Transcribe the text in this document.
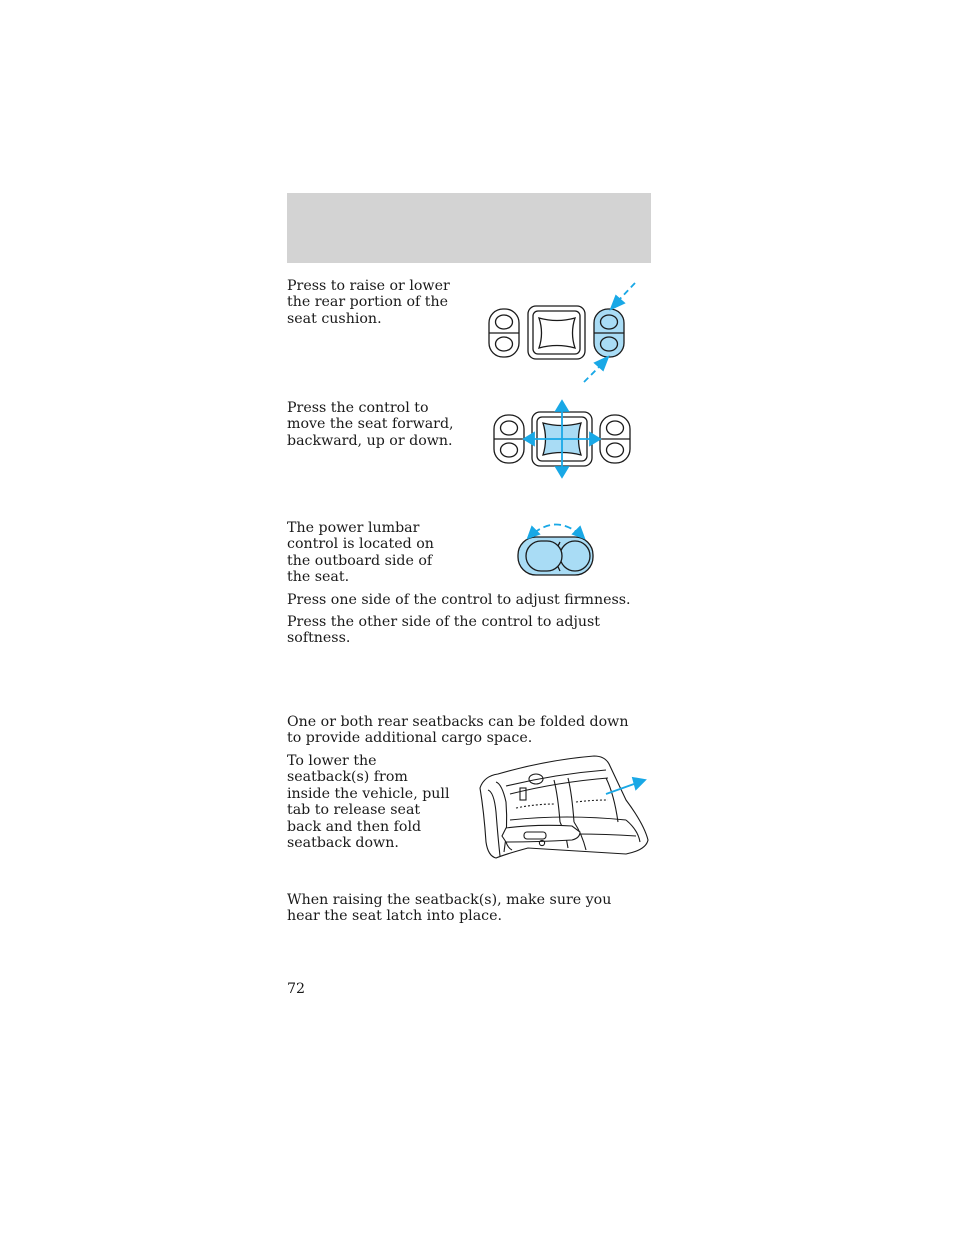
Press to raise or lower the rear portion of the seat cushion.

Press the control to move the seat forward, backward, up or down.

The power lumbar control is located on the outboard side of the seat.

Press one side of the control to adjust firmness.

Press the other side of the control to adjust softness.

One or both rear seatbacks can be folded down to provide additional cargo space.

To lower the seatback(s) from inside the vehicle, pull tab to release seat back and then fold seatback down.

When raising the seatback(s), make sure you hear the seat latch into place.

72
